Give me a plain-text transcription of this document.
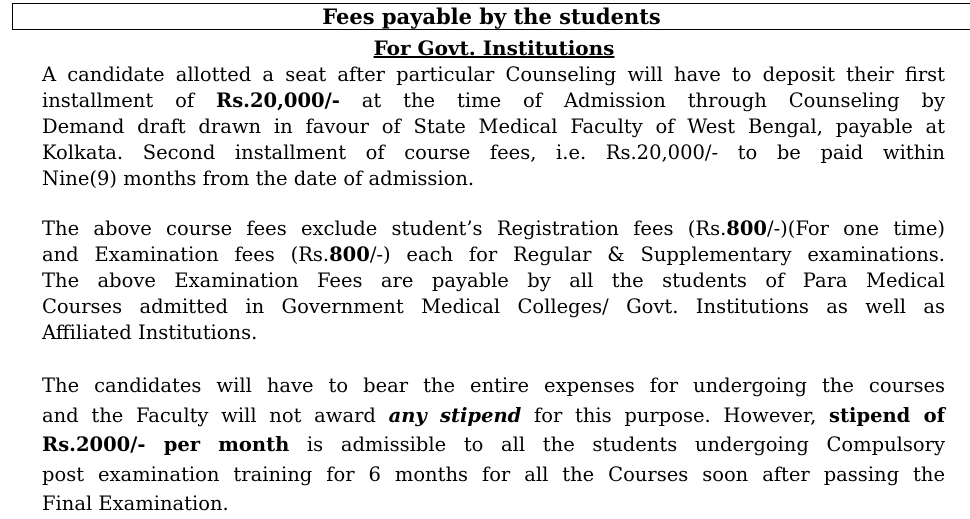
Fees payable by the students
For Govt. Institutions
A candidate allotted a seat after particular Counseling will have to deposit their first
installment of Rs.20,000/- at the time of Admission through Counseling by
Demand draft drawn in favour of State Medical Faculty of West Bengal, payable at
Kolkata. Second installment of course fees, i.e. Rs.20,000/- to be paid within
Nine(9) months from the date of admission.
The above course fees exclude student’s Registration fees (Rs.800/-)(For one time)
and Examination fees (Rs.800/-) each for Regular & Supplementary examinations.
The above Examination Fees are payable by all the students of Para Medical
Courses admitted in Government Medical Colleges/ Govt. Institutions as well as
Affiliated Institutions.
The candidates will have to bear the entire expenses for undergoing the courses
and the Faculty will not award any stipend for this purpose. However, stipend of
Rs.2000/- per month is admissible to all the students undergoing Compulsory
post examination training for 6 months for all the Courses soon after passing the
Final Examination.
